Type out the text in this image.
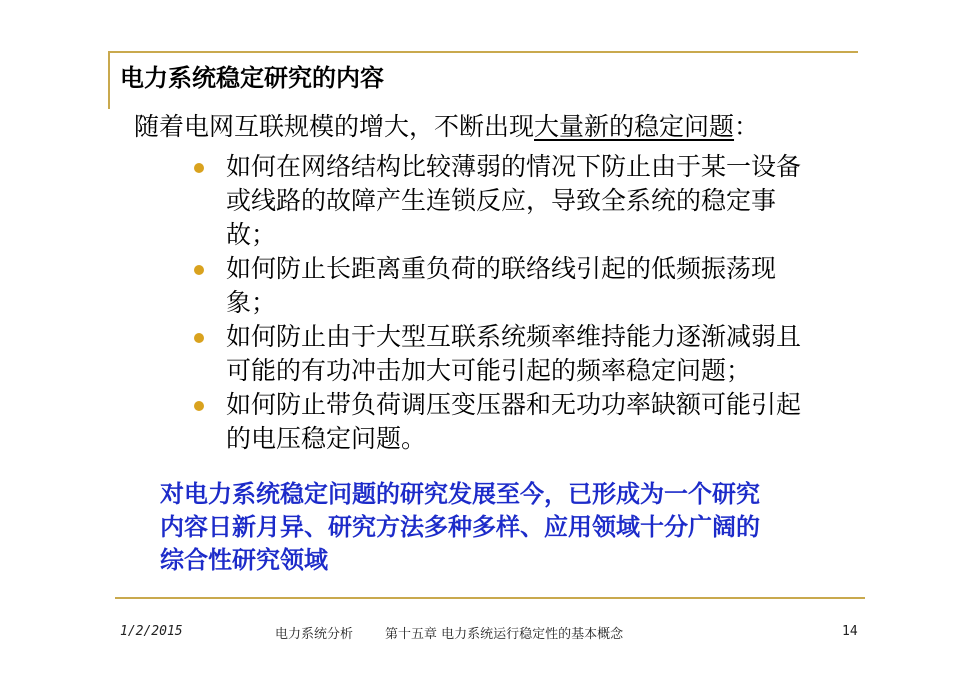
电力系统稳定研究的内容
随着电网互联规模的增大，不断出现大量新的稳定问题：
如何在网络结构比较薄弱的情况下防止由于某一设备
或线路的故障产生连锁反应，导致全系统的稳定事
故；
如何防止长距离重负荷的联络线引起的低频振荡现
象；
如何防止由于大型互联系统频率维持能力逐渐减弱且
可能的有功冲击加大可能引起的频率稳定问题；
如何防止带负荷调压变压器和无功功率缺额可能引起
的电压稳定问题。
对电力系统稳定问题的研究发展至今，已形成为一个研究
内容日新月异、研究方法多种多样、应用领域十分广阔的
综合性研究领域
1/2/2015	电力系统分析 第十五章 电力系统运行稳定性的基本概念	14
